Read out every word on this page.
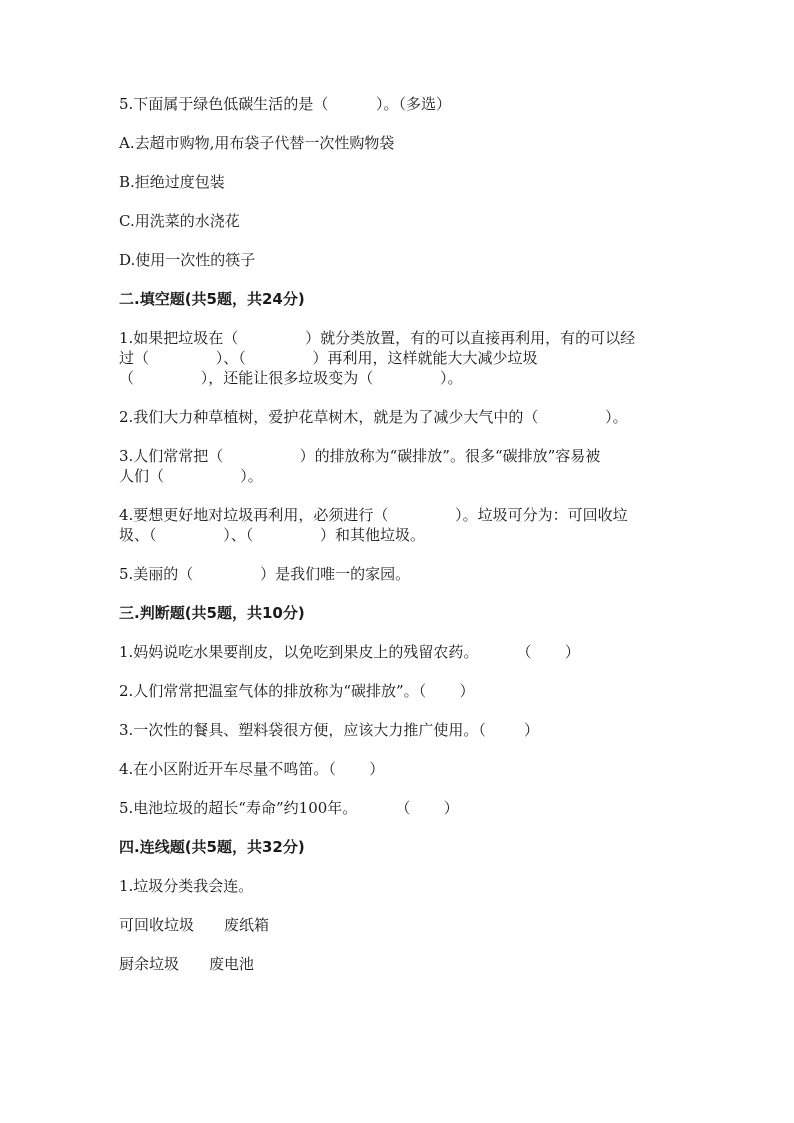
5.下面属于绿色低碳生活的是（          ）。（多选）

A.去超市购物,用布袋子代替一次性购物袋

B.拒绝过度包装

C.用洗菜的水浇花

D.使用一次性的筷子

二.填空题(共5题，共24分)

1.如果把垃圾在（              ）就分类放置，有的可以直接再利用，有的可以经

过（              ）、（              ）再利用，这样就能大大减少垃圾

（              ），还能让很多垃圾变为（              ）。

2.我们大力种草植树，爱护花草树木，就是为了减少大气中的（              ）。

3.人们常常把（                ）的排放称为“碳排放”。很多“碳排放”容易被

人们（                ）。

4.要想更好地对垃圾再利用，必须进行（              ）。垃圾可分为：可回收垃

圾、（              ）、（              ）和其他垃圾。

5.美丽的（              ）是我们唯一的家园。

三.判断题(共5题，共10分)

1.妈妈说吃水果要削皮，以免吃到果皮上的残留农药。        （       ）

2.人们常常把温室气体的排放称为“碳排放”。（       ）

3.一次性的餐具、塑料袋很方便，应该大力推广使用。（        ）

4.在小区附近开车尽量不鸣笛。（       ）

5.电池垃圾的超长“寿命”约100年。        （       ）

四.连线题(共5题，共32分)

1.垃圾分类我会连。

可回收垃圾	废纸箱
厨余垃圾	废电池
